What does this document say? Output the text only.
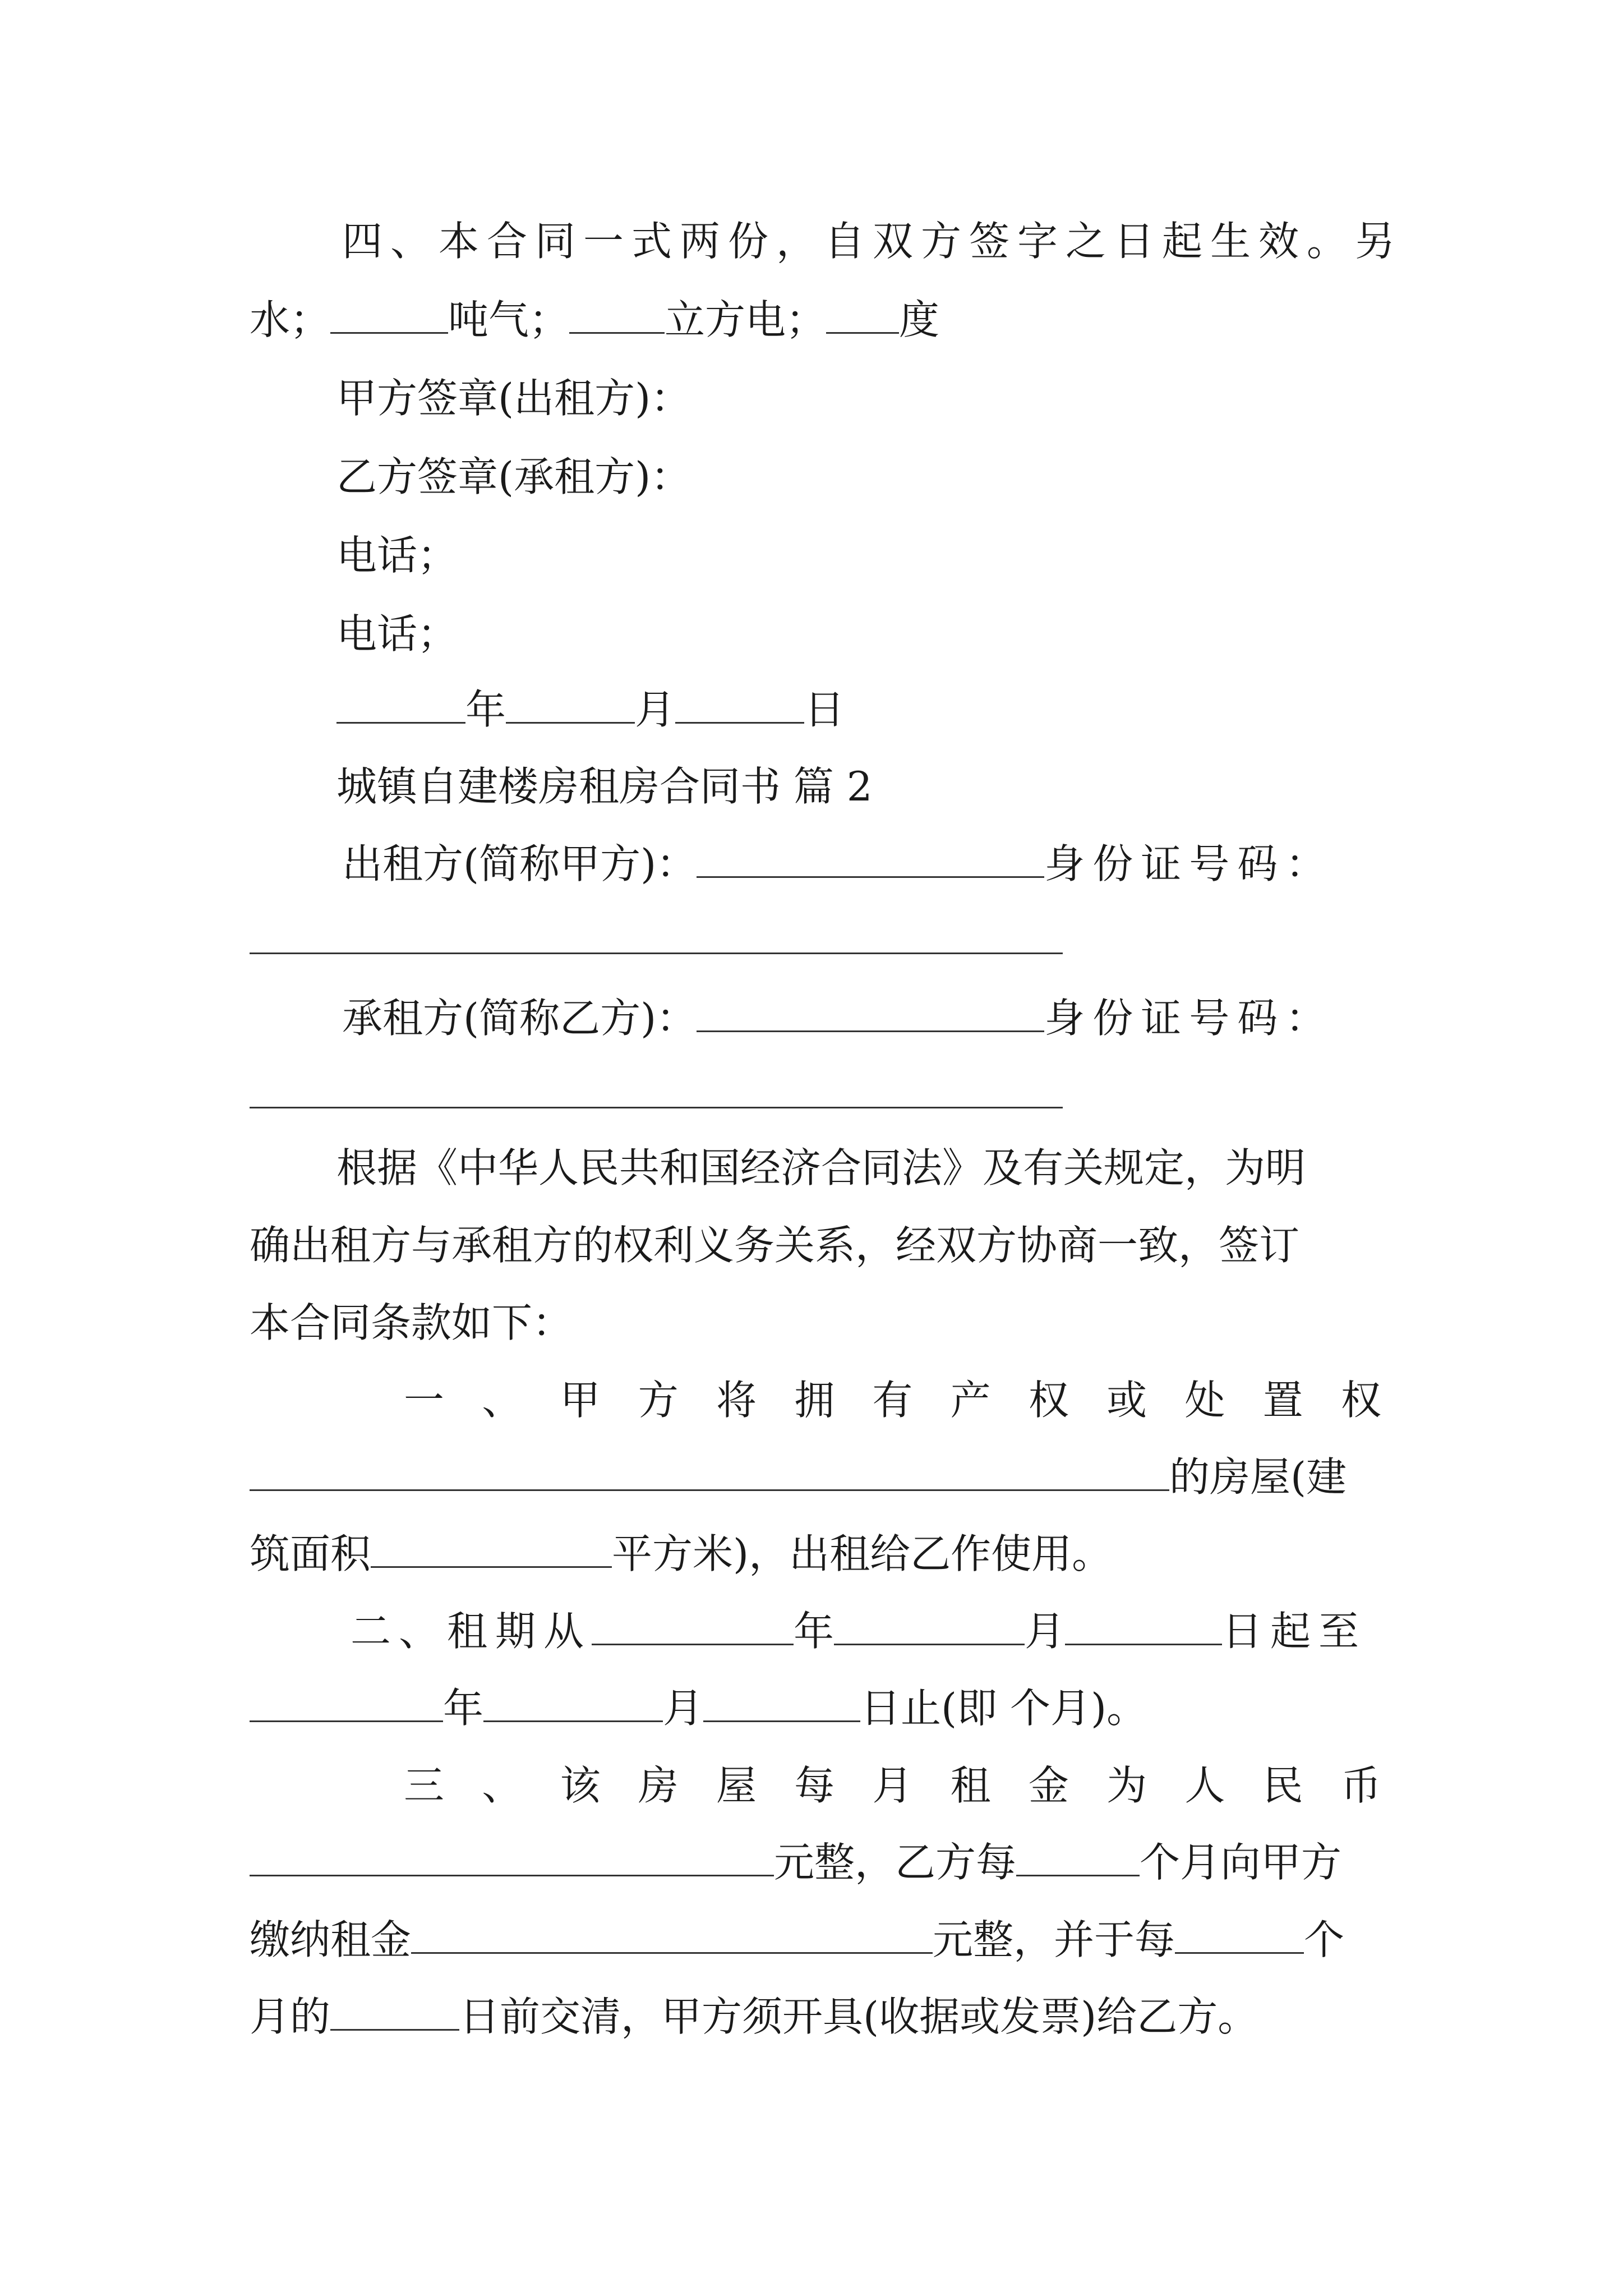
四、本合同一式两份，自双方签字之日起生效。另
水；	吨气； 立方电； 度
甲方签章(出租方)：
乙方签章(承租方)：
电话；
电话；
年	月	日
城镇自建楼房租房合同书 篇 2
出租方(简称甲方)：	身份证号码：
承租方(简称乙方)：	身份证号码：
根据《中华人民共和国经济合同法》及有关规定，为明
确出租方与承租方的权利义务关系，经双方协商一致，签订
本合同条款如下：
一 、 甲 方 将 拥 有 产 权 或 处 置 权
的房屋(建
筑面积	平方米)，出租给乙作使用。
二、租期从	年	月	日起至
年	月	日止(即 个月)。
三 、 该 房 屋 每 月 租 金 为 人 民 币
元整，乙方每	个月向甲方
缴纳租金	元整，并于每	个
月的	日前交清，甲方须开具(收据或发票)给乙方。
